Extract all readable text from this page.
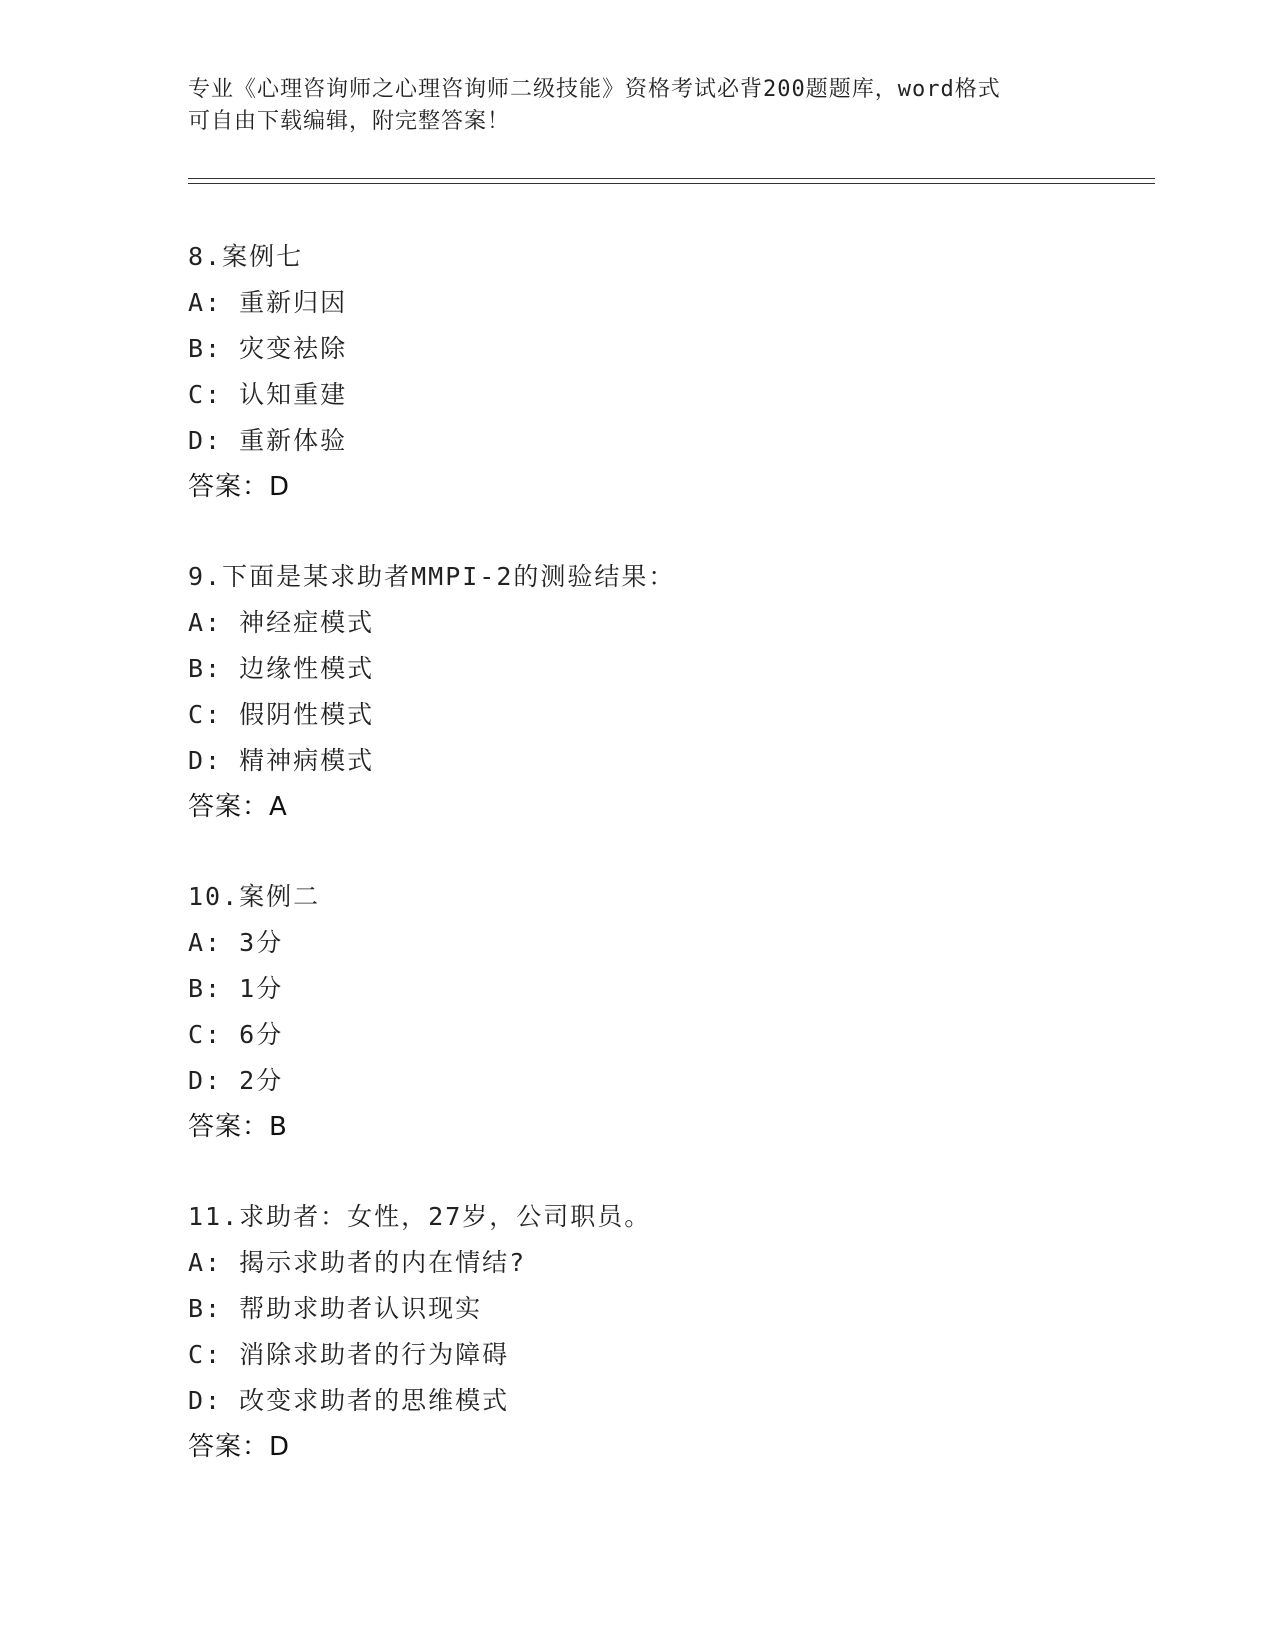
专业《心理咨询师之心理咨询师二级技能》资格考试必背200题题库，word格式
可自由下载编辑，附完整答案！
8.案例七
A: 重新归因
B: 灾变祛除
C: 认知重建
D: 重新体验
答案：D
9.下面是某求助者MMPI-2的测验结果：
A: 神经症模式
B: 边缘性模式
C: 假阴性模式
D: 精神病模式
答案：A
10.案例二
A: 3分
B: 1分
C: 6分
D: 2分
答案：B
11.求助者：女性，27岁，公司职员。
A: 揭示求助者的内在情结?
B: 帮助求助者认识现实
C: 消除求助者的行为障碍
D: 改变求助者的思维模式
答案：D
